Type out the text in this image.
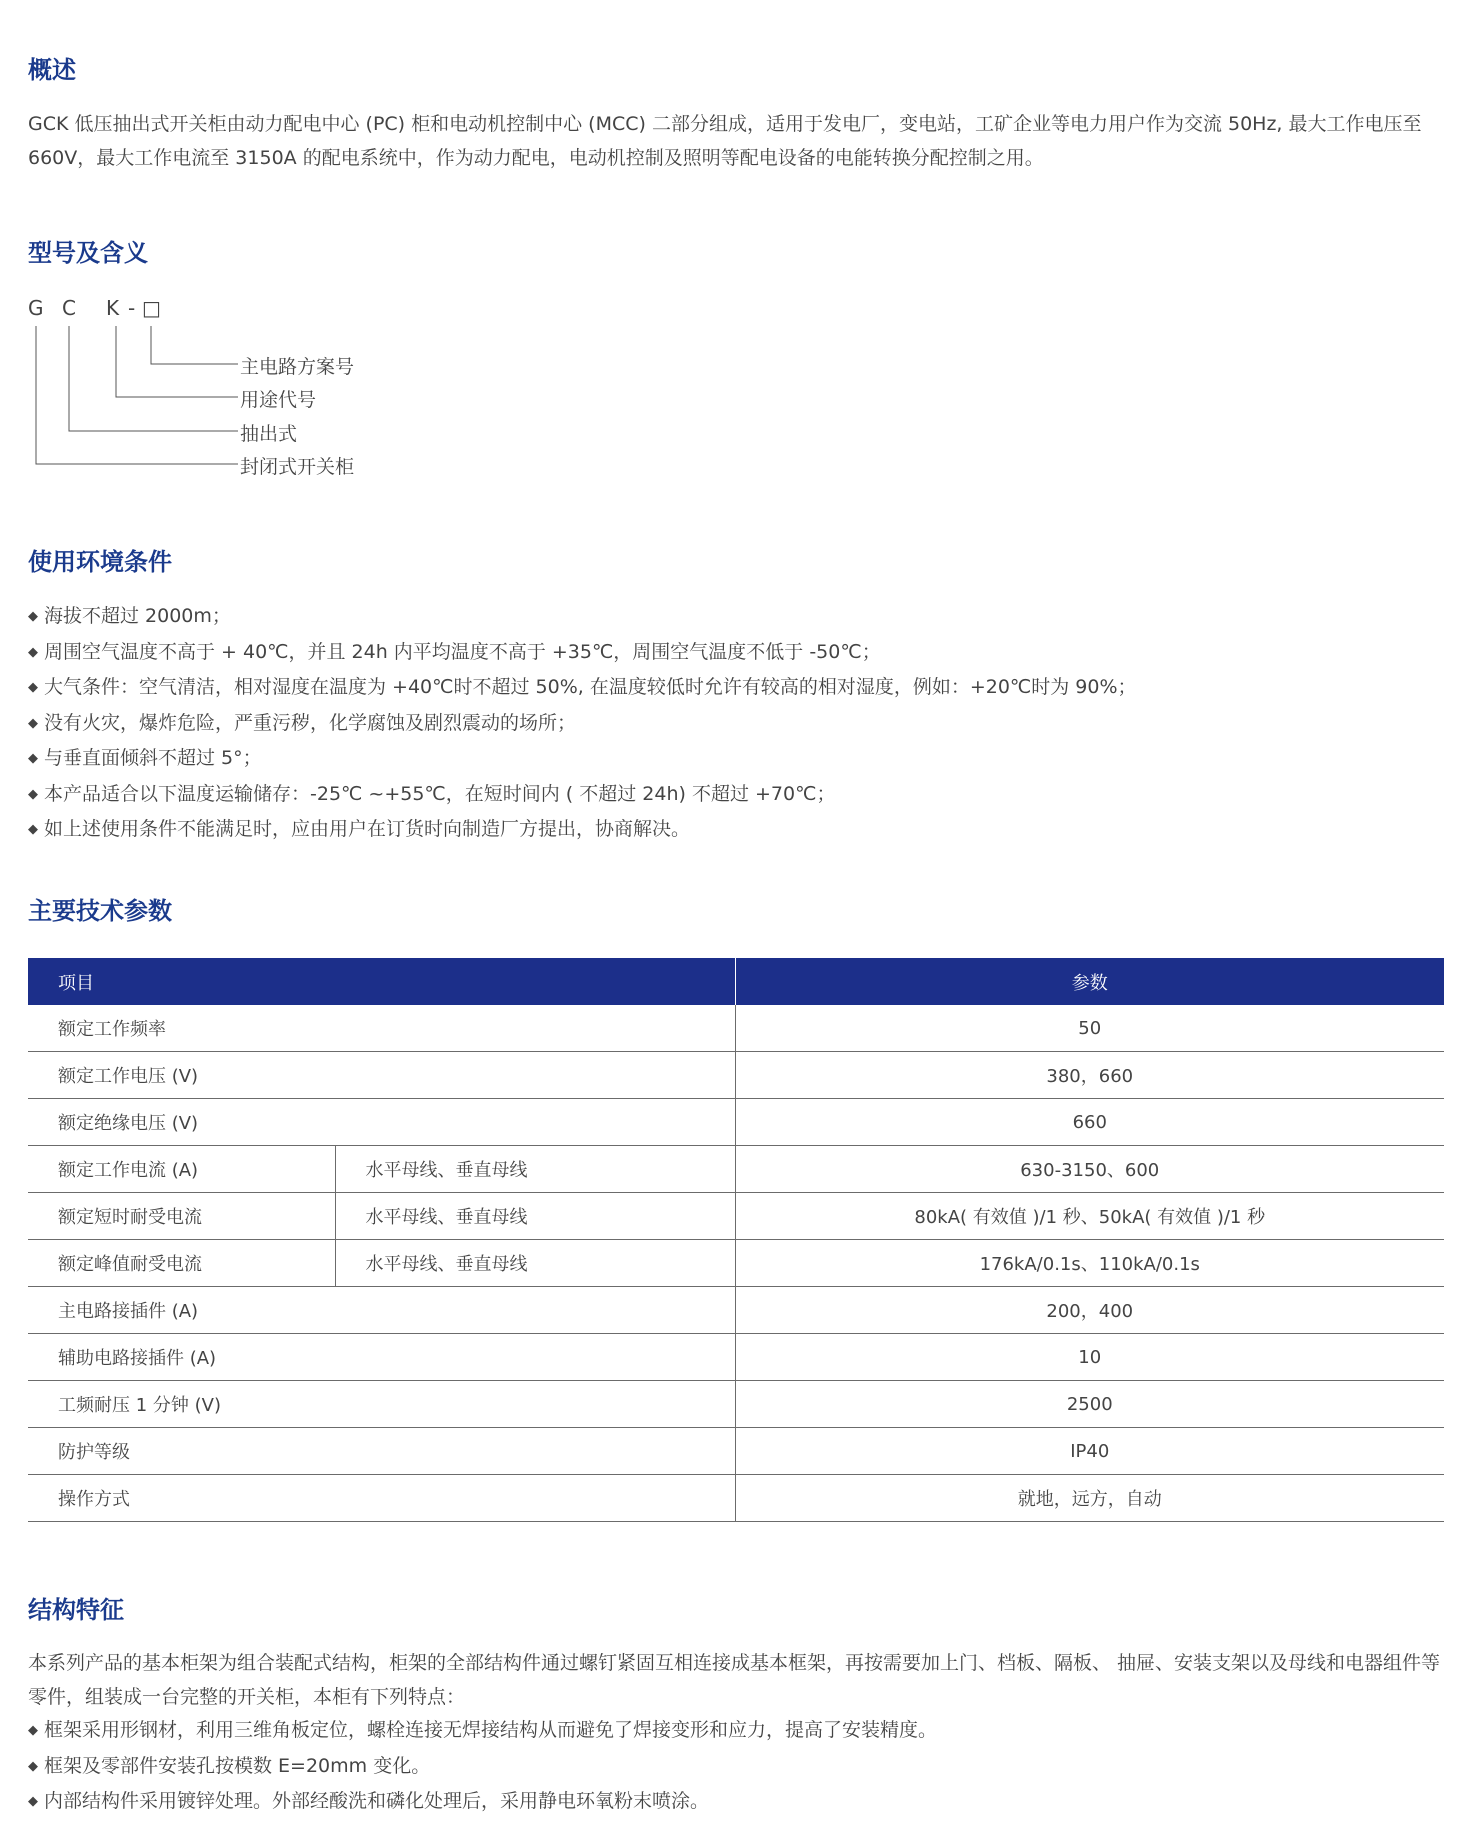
概述

GCK 低压抽出式开关柜由动力配电中心 (PC) 柜和电动机控制中心 (MCC) 二部分组成，适用于发电厂，变电站，工矿企业等电力用户作为交流 50Hz, 最大工作电压至 660V，最大工作电流至 3150A 的配电系统中，作为动力配电，电动机控制及照明等配电设备的电能转换分配控制之用。

型号及含义
G C K - □
主电路方案号
用途代号
抽出式
封闭式开关柜
使用环境条件
◆ 海拔不超过 2000m；
◆ 周围空气温度不高于 + 40℃，并且 24h 内平均温度不高于 +35℃，周围空气温度不低于 -50℃；
◆ 大气条件：空气清洁，相对湿度在温度为 +40℃时不超过 50%, 在温度较低时允许有较高的相对湿度，例如：+20℃时为 90%；
◆ 没有火灾，爆炸危险，严重污秽，化学腐蚀及剧烈震动的场所；
◆ 与垂直面倾斜不超过 5°；
◆ 本产品适合以下温度运输储存：-25℃ ~+55℃，在短时间内 ( 不超过 24h) 不超过 +70℃；
◆ 如上述使用条件不能满足时，应由用户在订货时向制造厂方提出，协商解决。
主要技术参数
项目		参数
额定工作频率		50
额定工作电压 (V)		380，660
额定绝缘电压 (V)		660
额定工作电流 (A)	水平母线、垂直母线	630-3150、600
额定短时耐受电流	水平母线、垂直母线	80kA( 有效值 )/1 秒、50kA( 有效值 )/1 秒
额定峰值耐受电流	水平母线、垂直母线	176kA/0.1s、110kA/0.1s
主电路接插件 (A)		200，400
辅助电路接插件 (A)		10
工频耐压 1 分钟 (V)		2500
防护等级		IP40
操作方式		就地，远方，自动
结构特征

本系列产品的基本柜架为组合装配式结构，柜架的全部结构件通过螺钉紧固互相连接成基本框架，再按需要加上门、档板、隔板、 抽屉、安装支架以及母线和电器组件等零件，组装成一台完整的开关柜，本柜有下列特点：

◆ 框架采用形钢材，利用三维角板定位，螺栓连接无焊接结构从而避免了焊接变形和应力，提高了安装精度。
◆ 框架及零部件安装孔按模数 E=20mm 变化。
◆ 内部结构件采用镀锌处理。外部经酸洗和磷化处理后，采用静电环氧粉末喷涂。
